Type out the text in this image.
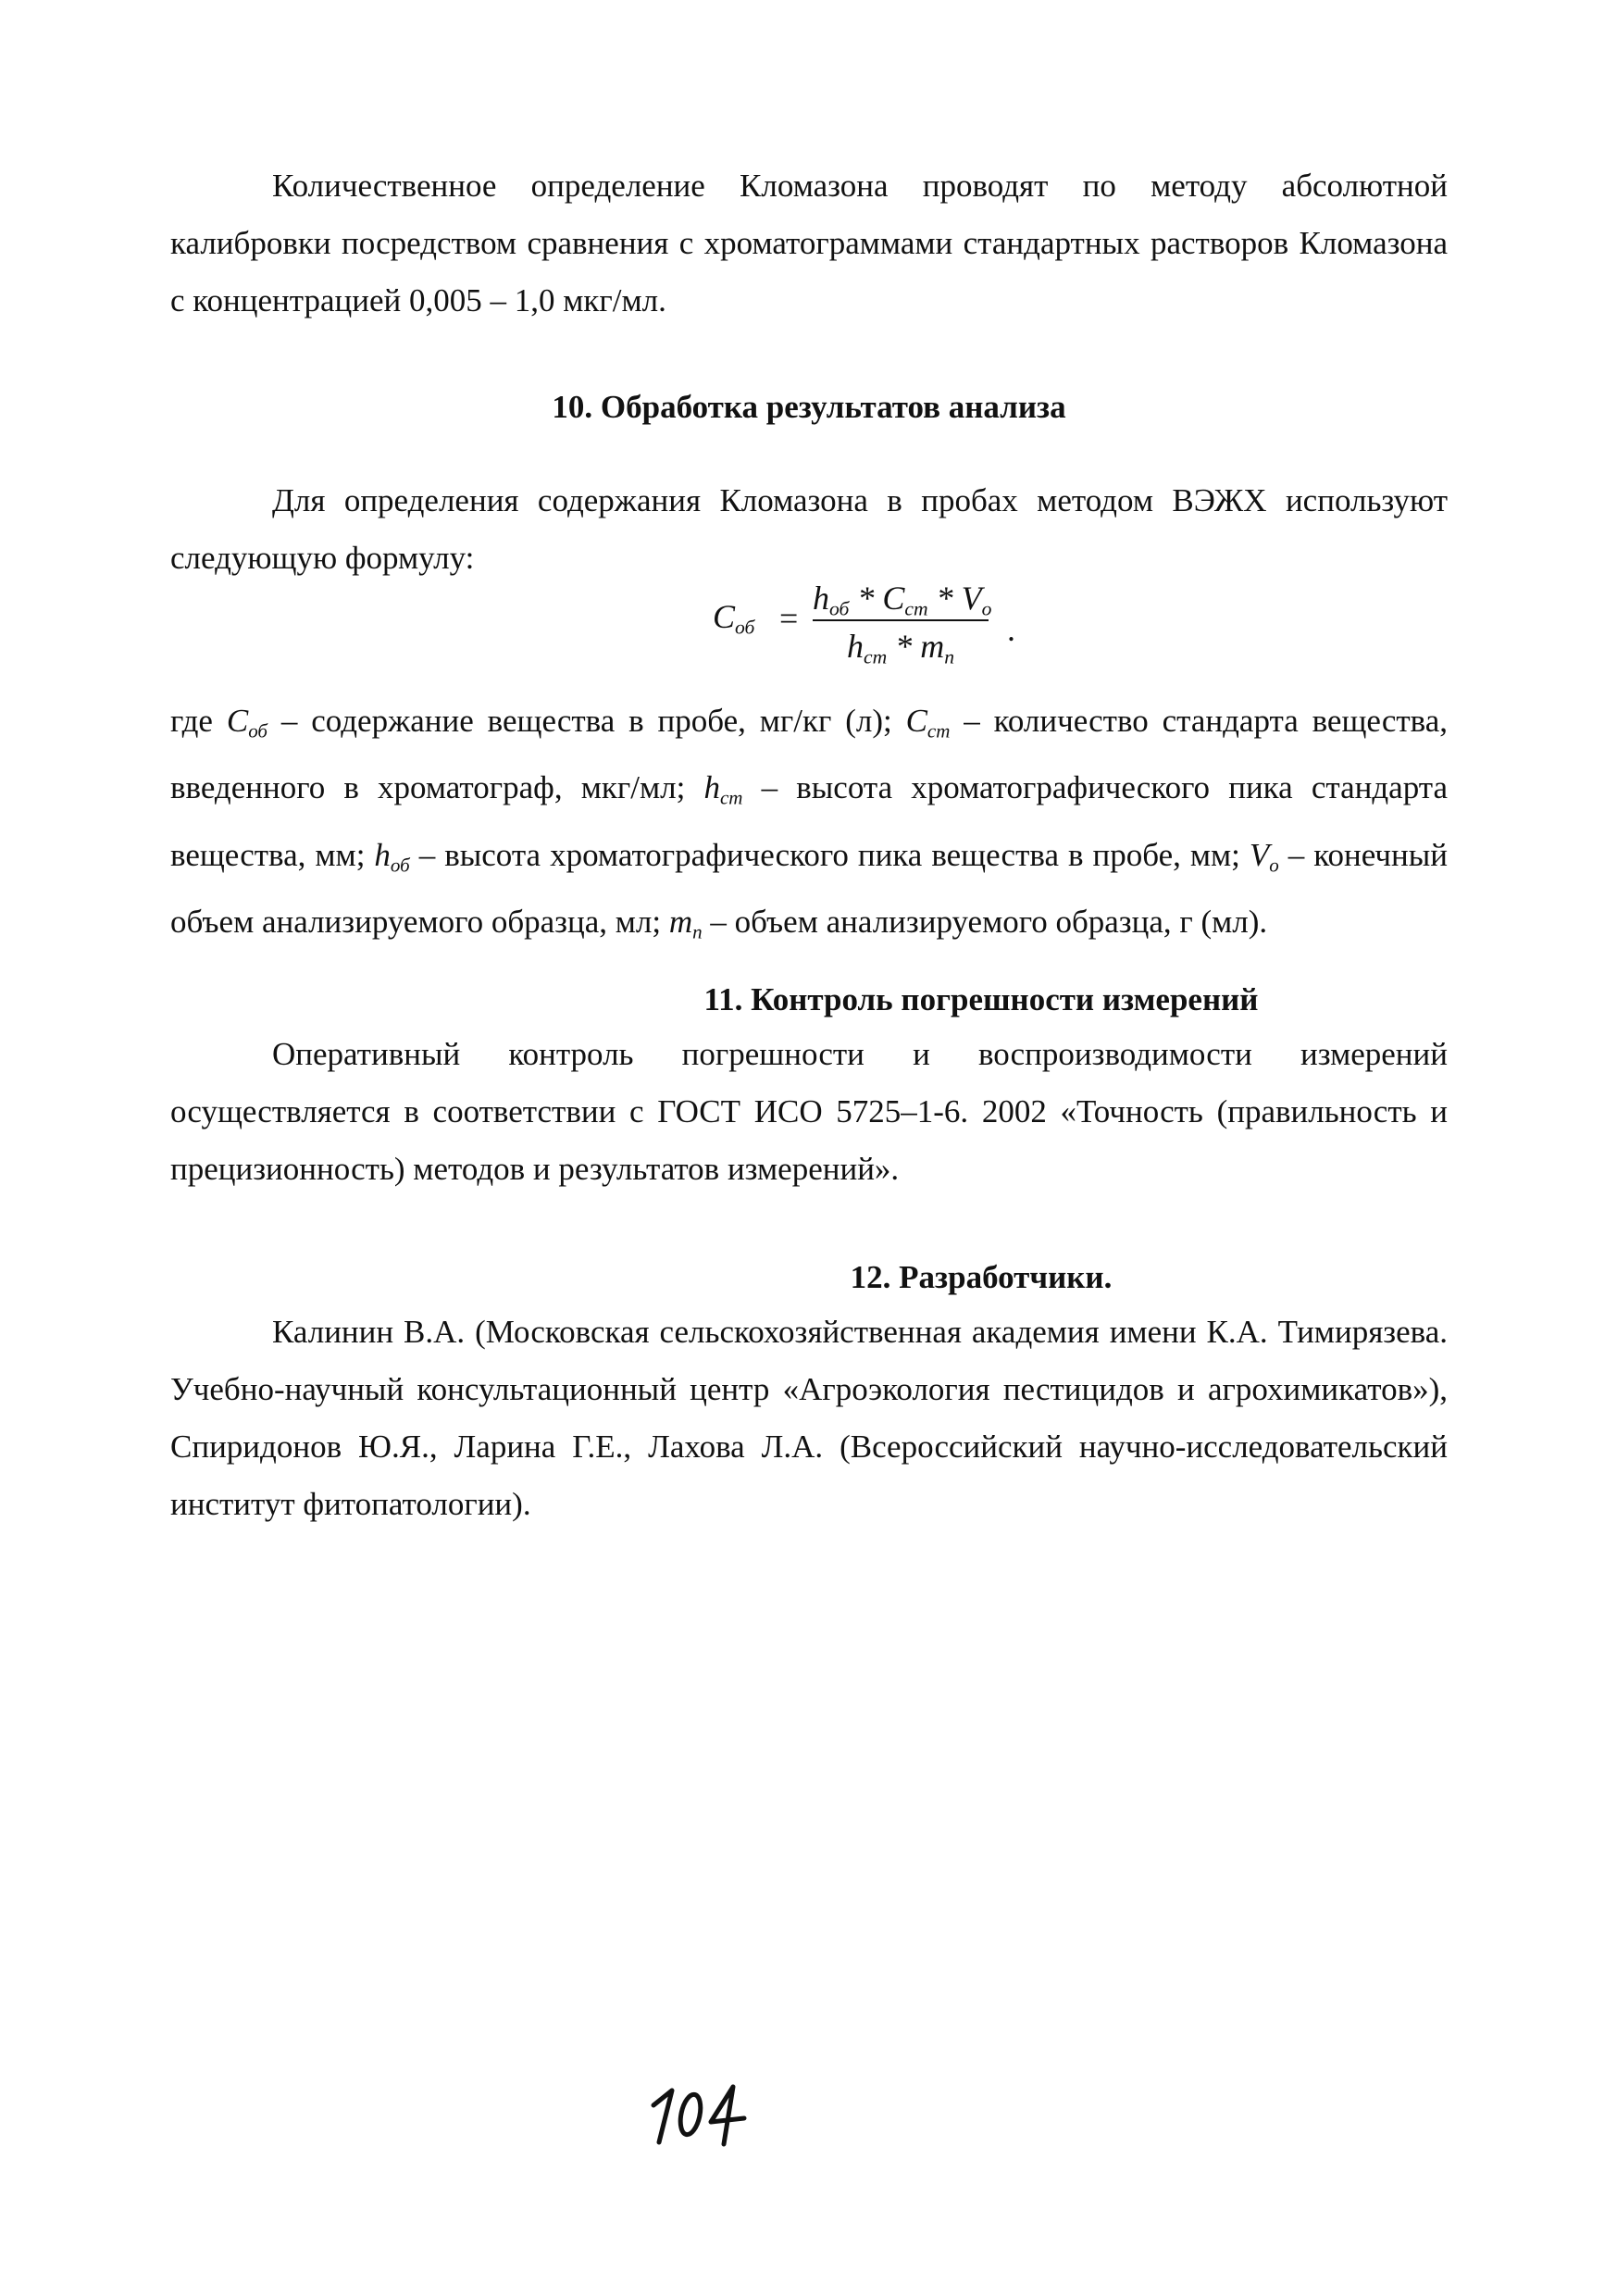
Количественное определение Кломазона проводят по методу абсолютной калибровки посредством сравнения с хроматограммами стандартных растворов Кломазона с концентрацией 0,005 – 1,0 мкг/мл.

10. Обработка результатов анализа

Для определения содержания Кломазона в пробах методом ВЭЖХ используют следующую формулу:

$C_{об}$ =
$h_{об} * C_{ст} * V_о$
$h_{ст} * m_п$
.

где $C_{об}$ – содержание вещества в пробе, мг/кг (л); $C_{ст}$ – количество стандарта вещества, введенного в хроматограф, мкг/мл; $h_{ст}$ – высота хроматографического пика стандарта вещества, мм; $h_{об}$ – высота хроматографического пика вещества в пробе, мм; $V_о$ – конечный объем анализируемого образца, мл; $m_п$ – объем анализируемого образца, г (мл).

11. Контроль погрешности измерений

Оперативный контроль погрешности и воспроизводимости измерений осуществляется в соответствии с ГОСТ ИСО 5725–1-6. 2002 «Точность (правильность и прецизионность) методов и результатов измерений».

12. Разработчики.

Калинин В.А. (Московская сельскохозяйственная академия имени К.А. Тимирязева. Учебно-научный консультационный центр «Агроэкология пестицидов и агрохимикатов»), Спиридонов Ю.Я., Ларина Г.Е., Лахова Л.А. (Всероссийский научно-исследовательский институт фитопатологии).
